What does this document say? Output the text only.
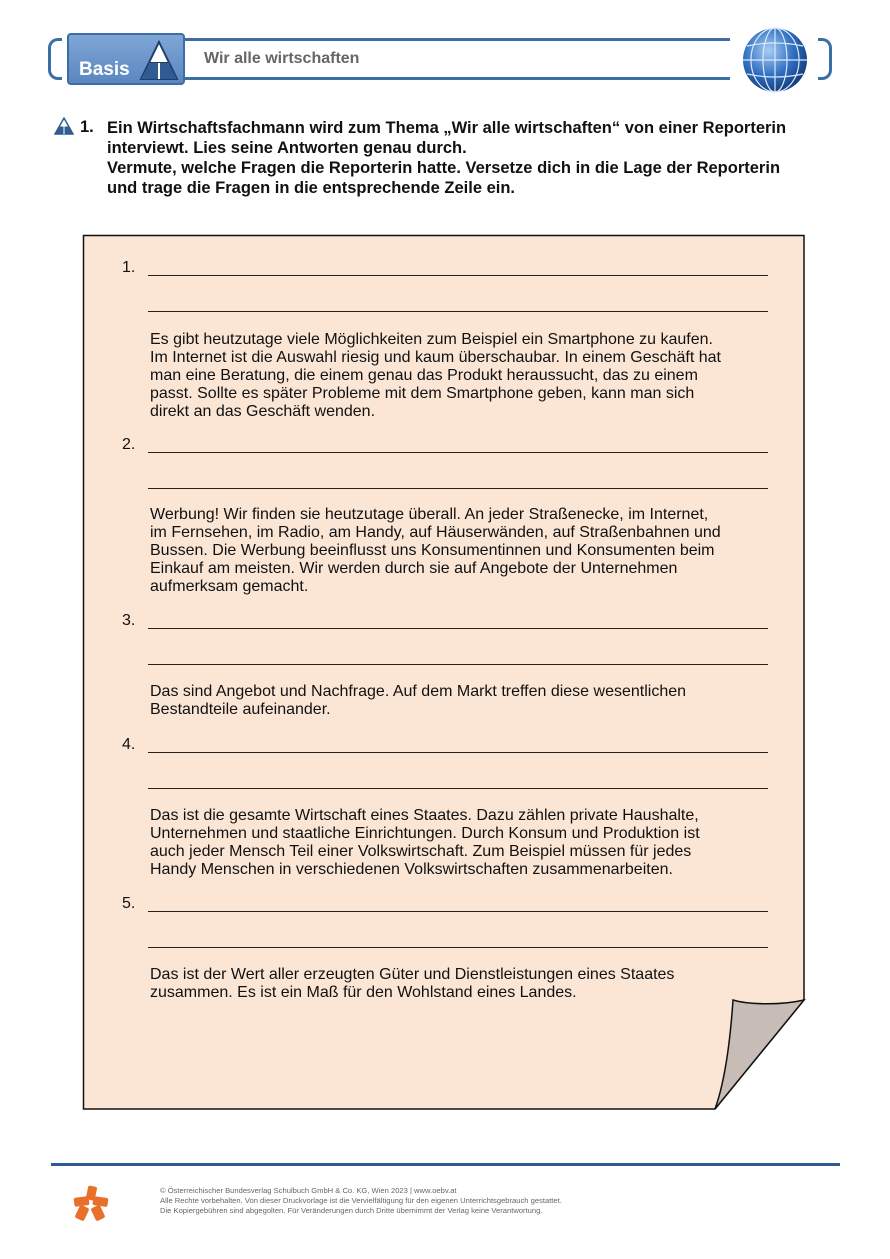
Basis
Wir alle wirtschaften
1. Ein Wirtschaftsfachmann wird zum Thema „Wir alle wirtschaften“ von einer Reporterin
interviewt. Lies seine Antworten genau durch.
Vermute, welche Fragen die Reporterin hatte. Versetze dich in die Lage der Reporterin
und trage die Fragen in die entsprechende Zeile ein.
1.
Es gibt heutzutage viele Möglichkeiten zum Beispiel ein Smartphone zu kaufen.
Im Internet ist die Auswahl riesig und kaum überschaubar. In einem Geschäft hat
man eine Beratung, die einem genau das Produkt heraussucht, das zu einem
passt. Sollte es später Probleme mit dem Smartphone geben, kann man sich
direkt an das Geschäft wenden.
2.
Werbung! Wir finden sie heutzutage überall. An jeder Straßenecke, im Internet,
im Fernsehen, im Radio, am Handy, auf Häuserwänden, auf Straßenbahnen und
Bussen. Die Werbung beeinflusst uns Konsumentinnen und Konsumenten beim
Einkauf am meisten. Wir werden durch sie auf Angebote der Unternehmen
aufmerksam gemacht.
3.
Das sind Angebot und Nachfrage. Auf dem Markt treffen diese wesentlichen
Bestandteile aufeinander.
4.
Das ist die gesamte Wirtschaft eines Staates. Dazu zählen private Haushalte,
Unternehmen und staatliche Einrichtungen. Durch Konsum und Produktion ist
auch jeder Mensch Teil einer Volkswirtschaft. Zum Beispiel müssen für jedes
Handy Menschen in verschiedenen Volkswirtschaften zusammenarbeiten.
5.
Das ist der Wert aller erzeugten Güter und Dienstleistungen eines Staates
zusammen. Es ist ein Maß für den Wohlstand eines Landes.
© Österreichischer Bundesverlag Schulbuch GmbH & Co. KG, Wien 2023 | www.oebv.at
Alle Rechte vorbehalten. Von dieser Druckvorlage ist die Vervielfältigung für den eigenen Unterrichtsgebrauch gestattet.
Die Kopiergebühren sind abgegolten. Für Veränderungen durch Dritte übernimmt der Verlag keine Verantwortung.
